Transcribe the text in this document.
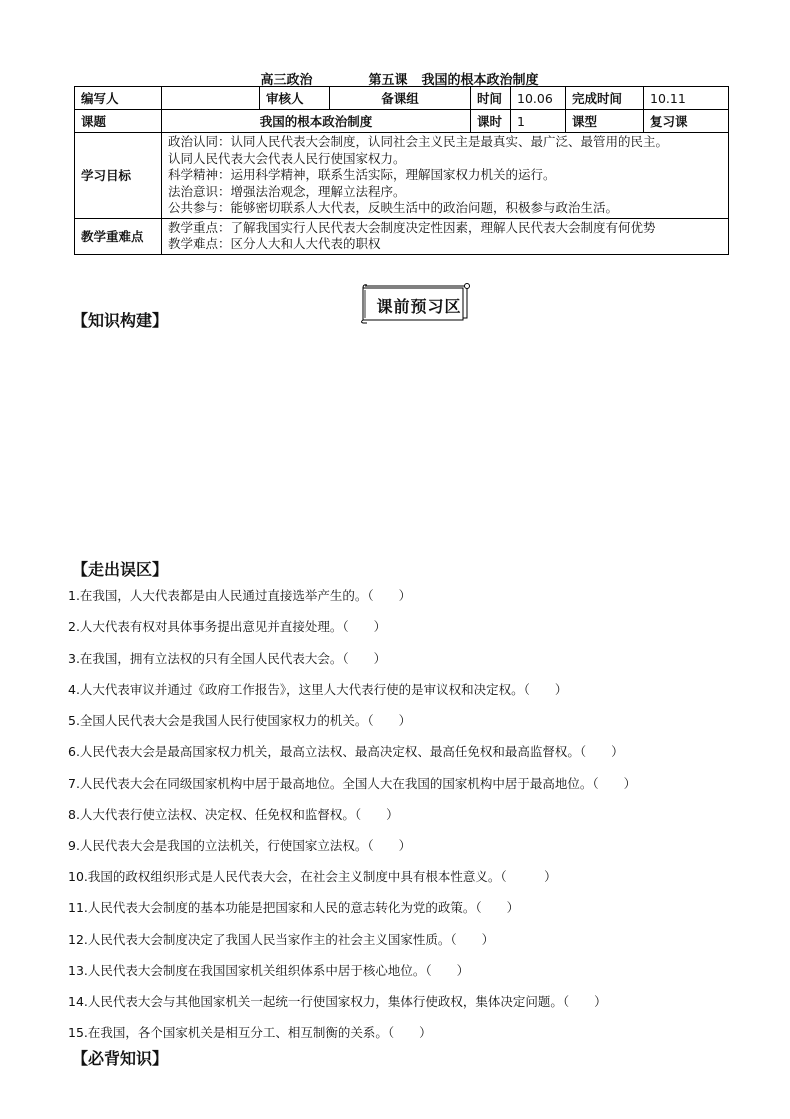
高三政治	第五课 我国的根本政治制度

编写人		审核人	备课组	时间	10.06	完成时间	10.11
课题	我国的根本政治制度			课时	1	课型	复习课
学习目标	政治认同：认同人民代表大会制度，认同社会主义民主是最真实、最广泛、最管用的民主。
认同人民代表大会代表人民行使国家权力。
科学精神：运用科学精神，联系生活实际，理解国家权力机关的运行。
法治意识：增强法治观念，理解立法程序。
公共参与：能够密切联系人大代表，反映生活中的政治问题，积极参与政治生活。						

教学重难点	教学重点：了解我国实行人民代表大会制度决定性因素，理解人民代表大会制度有何优势
教学难点：区分人大和人大代表的职权						
课前预习区
【知识构建】
【走出误区】
1.在我国，人大代表都是由人民通过直接选举产生的。（　　）
2.人大代表有权对具体事务提出意见并直接处理。（　　）
3.在我国，拥有立法权的只有全国人民代表大会。（　　）
4.人大代表审议并通过《政府工作报告》，这里人大代表行使的是审议权和决定权。（　　）
5.全国人民代表大会是我国人民行使国家权力的机关。（　　）
6.人民代表大会是最高国家权力机关，最高立法权、最高决定权、最高任免权和最高监督权。（　　）
7.人民代表大会在同级国家机构中居于最高地位。全国人大在我国的国家机构中居于最高地位。（　　）
8.人大代表行使立法权、决定权、任免权和监督权。（　　）
9.人民代表大会是我国的立法机关，行使国家立法权。（　　）
10.我国的政权组织形式是人民代表大会，在社会主义制度中具有根本性意义。（　　　）
11.人民代表大会制度的基本功能是把国家和人民的意志转化为党的政策。（　　）
12.人民代表大会制度决定了我国人民当家作主的社会主义国家性质。（　　）
13.人民代表大会制度在我国国家机关组织体系中居于核心地位。（　　）
14.人民代表大会与其他国家机关一起统一行使国家权力，集体行使政权，集体决定问题。（　　）
15.在我国，各个国家机关是相互分工、相互制衡的关系。（　　）
【必背知识】
